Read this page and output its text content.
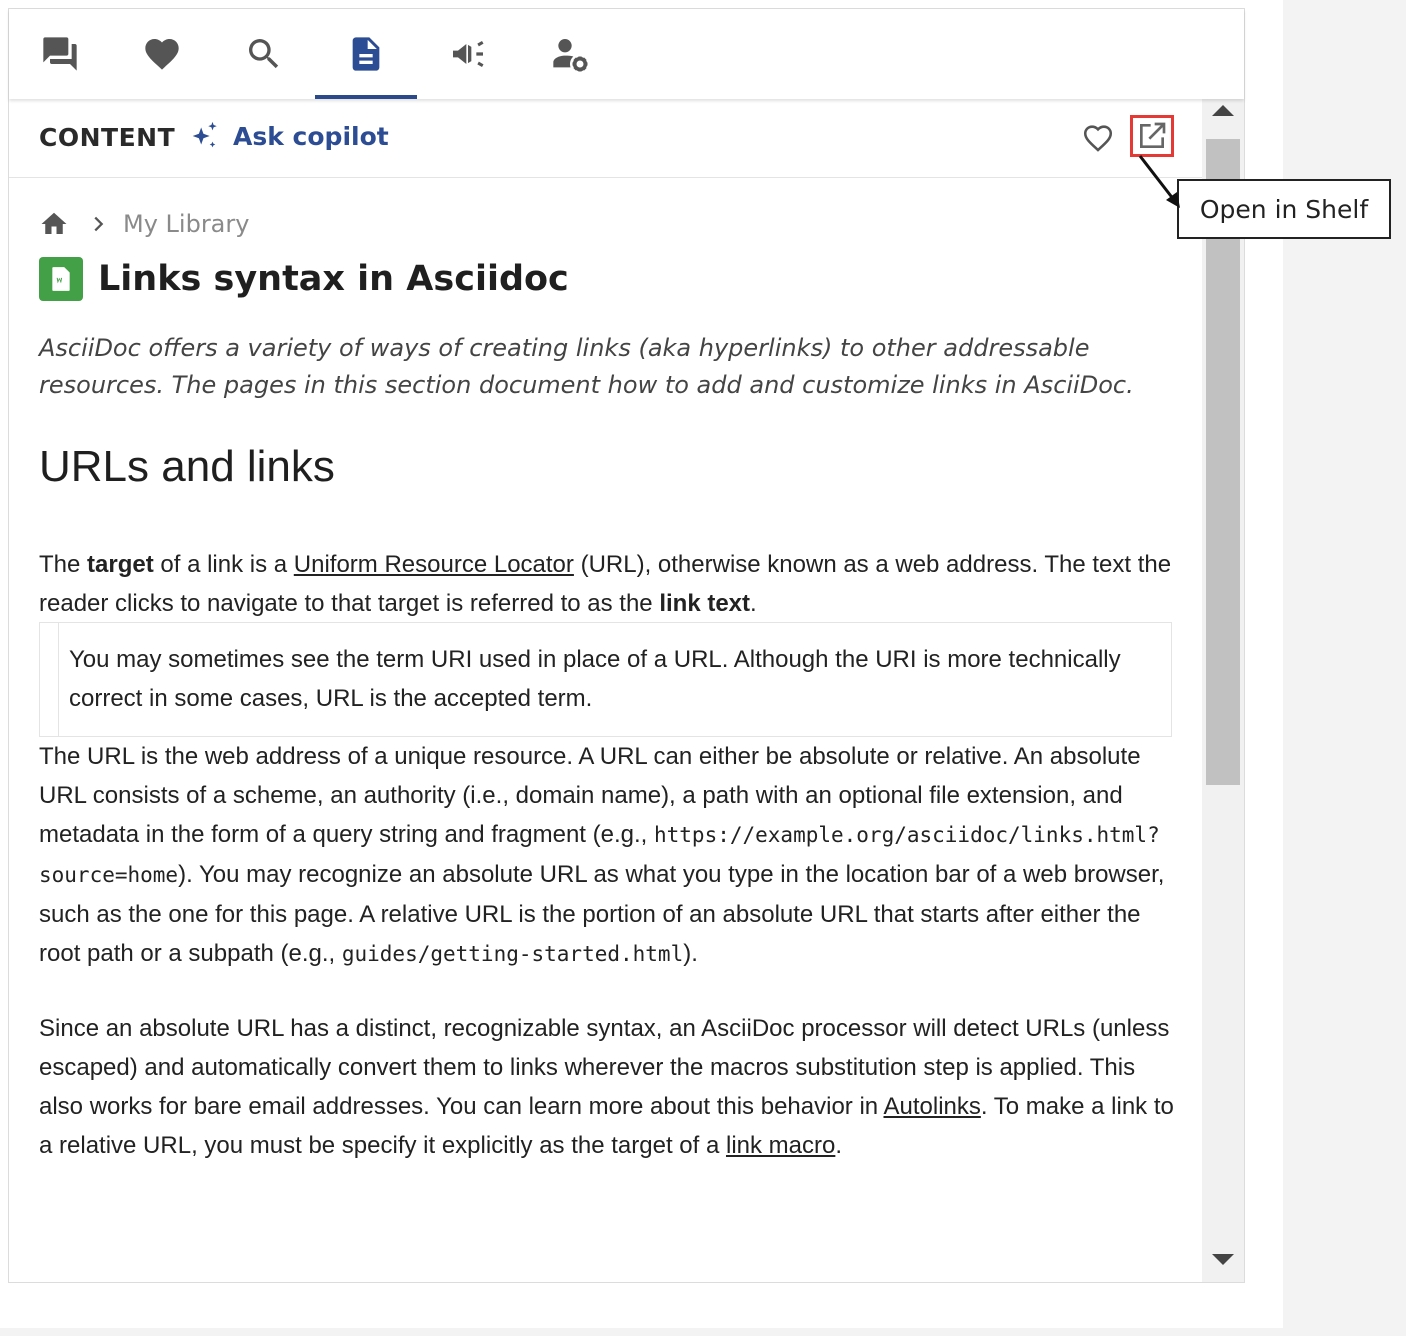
CONTENT Ask copilot
My Library
Links syntax in Asciidoc

AsciiDoc offers a variety of ways of creating links (aka hyperlinks) to other addressable resources. The pages in this section document how to add and customize links in AsciiDoc.

URLs and links

The target of a link is a Uniform Resource Locator (URL), otherwise known as a web address. The text the reader clicks to navigate to that target is referred to as the link text.

You may sometimes see the term URI used in place of a URL. Although the URI is more technically correct in some cases, URL is the accepted term.

The URL is the web address of a unique resource. A URL can either be absolute or relative. An absolute URL consists of a scheme, an authority (i.e., domain name), a path with an optional file extension, and metadata in the form of a query string and fragment (e.g., https://example.org/asciidoc/links.html?source=home). You may recognize an absolute URL as what you type in the location bar of a web browser, such as the one for this page. A relative URL is the portion of an absolute URL that starts after either the root path or a subpath (e.g., guides/getting-started.html).

Since an absolute URL has a distinct, recognizable syntax, an AsciiDoc processor will detect URLs (unless escaped) and automatically convert them to links wherever the macros substitution step is applied. This also works for bare email addresses. You can learn more about this behavior in Autolinks. To make a link to a relative URL, you must be specify it explicitly as the target of a link macro.

Open in Shelf
